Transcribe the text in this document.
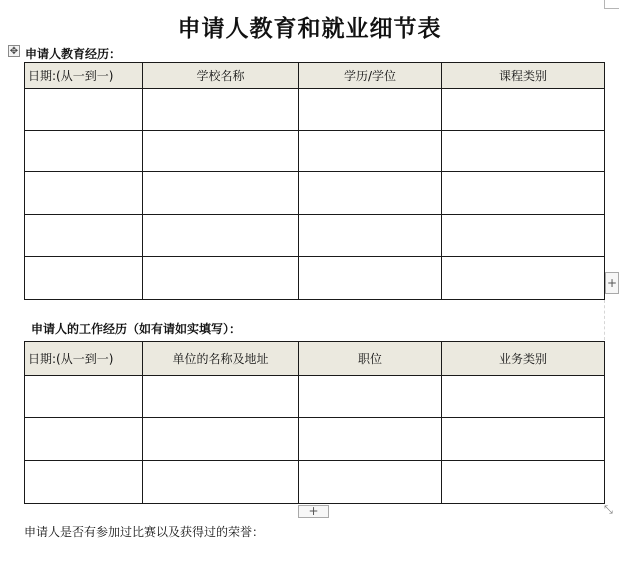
申请人教育和就业细节表
✥ 申请人教育经历：
日期:(从一到一)	学校名称	学历/学位	课程类别

+
申请人的工作经历（如有请如实填写）：
日期:(从一到一)	单位的名称及地址	职位	业务类别

+	⤡
申请人是否有参加过比赛以及获得过的荣誉：
